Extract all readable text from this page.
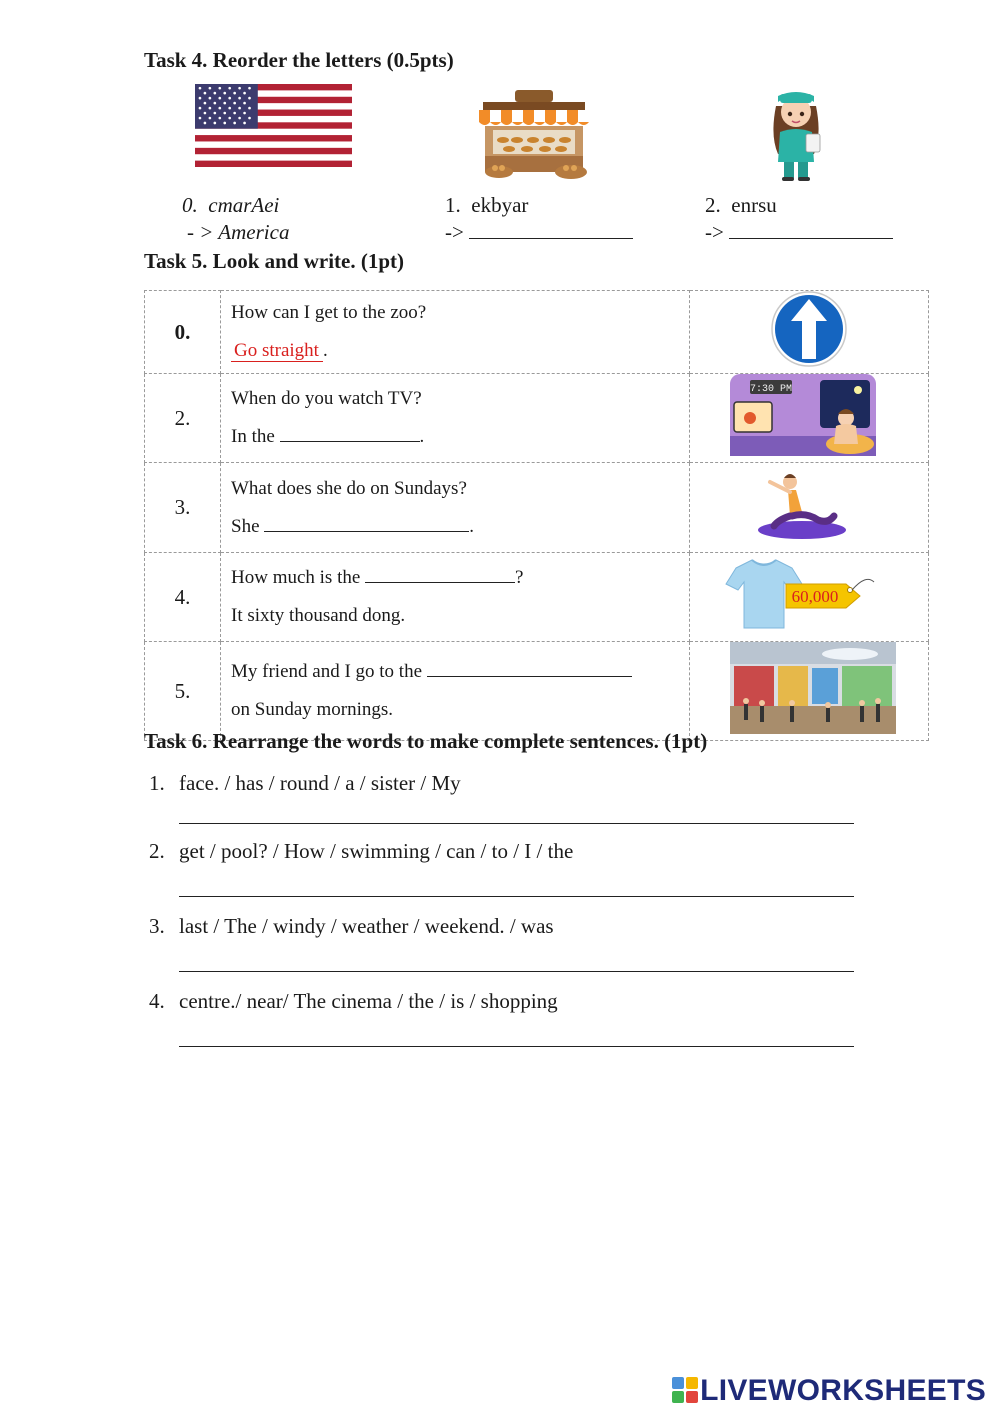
Task 4. Reorder the letters (0.5pts)
0. cmarAei
- > America
1. ekbyar
->
2. enrsu
->
Task 5. Look and write. (1pt)
0.	How can I get to the zoo?
Go straight .

2.	When do you watch TV?
In the .	7:30 PM

3.	What does she do on Sundays?
She .

4.	How much is the ?
It sixty thousand dong.	60,000

5.	My friend and I go to the
on Sunday mornings.

Task 6. Rearrange the words to make complete sentences. (1pt)
1. face. / has / round / a / sister / My
2. get / pool? / How / swimming / can / to / I / the
3. last / The / windy / weather / weekend. / was
4. centre./ near/ The cinema / the / is / shopping
LIVEWORKSHEETS
